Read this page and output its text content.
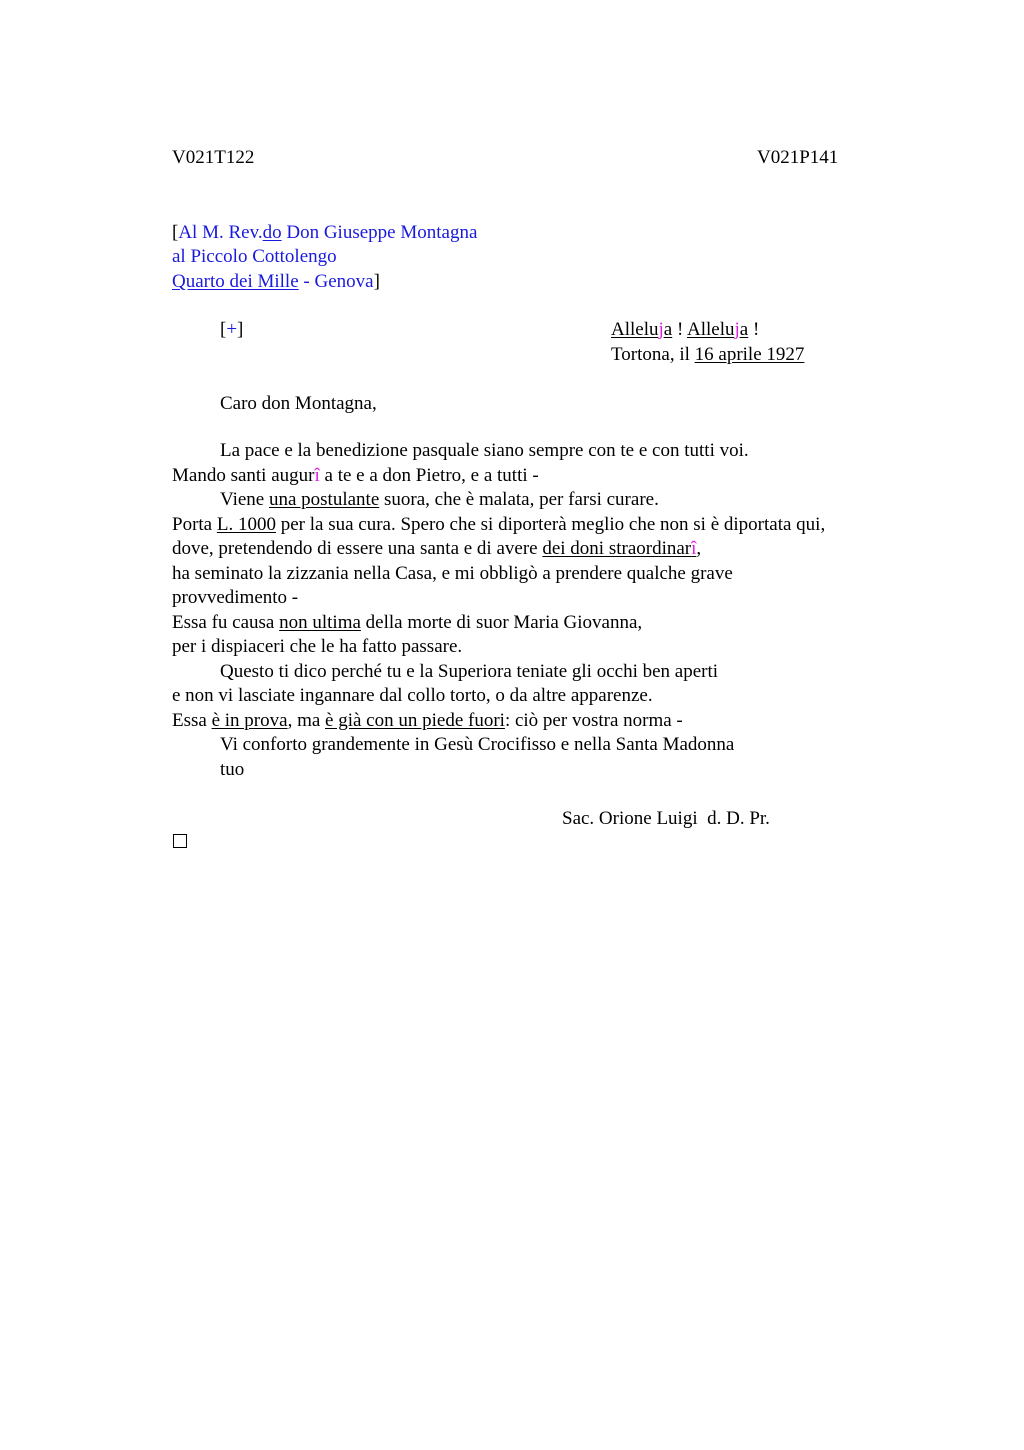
V021T122	V021P141
[Al M. Rev.do Don Giuseppe Montagna
al Piccolo Cottolengo
Quarto dei Mille - Genova]
[+]	Alleluja ! Alleluja !
Tortona, il 16 aprile 1927
Caro don Montagna,
La pace e la benedizione pasquale siano sempre con te e con tutti voi.
Mando santi augurî a te e a don Pietro, e a tutti -
Viene una postulante suora, che è malata, per farsi curare.
Porta L. 1000 per la sua cura. Spero che si diporterà meglio che non si è diportata qui,
dove, pretendendo di essere una santa e di avere dei doni straordinarî,
ha seminato la zizzania nella Casa, e mi obbligò a prendere qualche grave
provvedimento -
Essa fu causa non ultima della morte di suor Maria Giovanna,
per i dispiaceri che le ha fatto passare.
Questo ti dico perché tu e la Superiora teniate gli occhi ben aperti
e non vi lasciate ingannare dal collo torto, o da altre apparenze.
Essa è in prova, ma è già con un piede fuori: ciò per vostra norma -
Vi conforto grandemente in Gesù Crocifisso e nella Santa Madonna
tuo
Sac. Orione Luigi  d. D. Pr.
